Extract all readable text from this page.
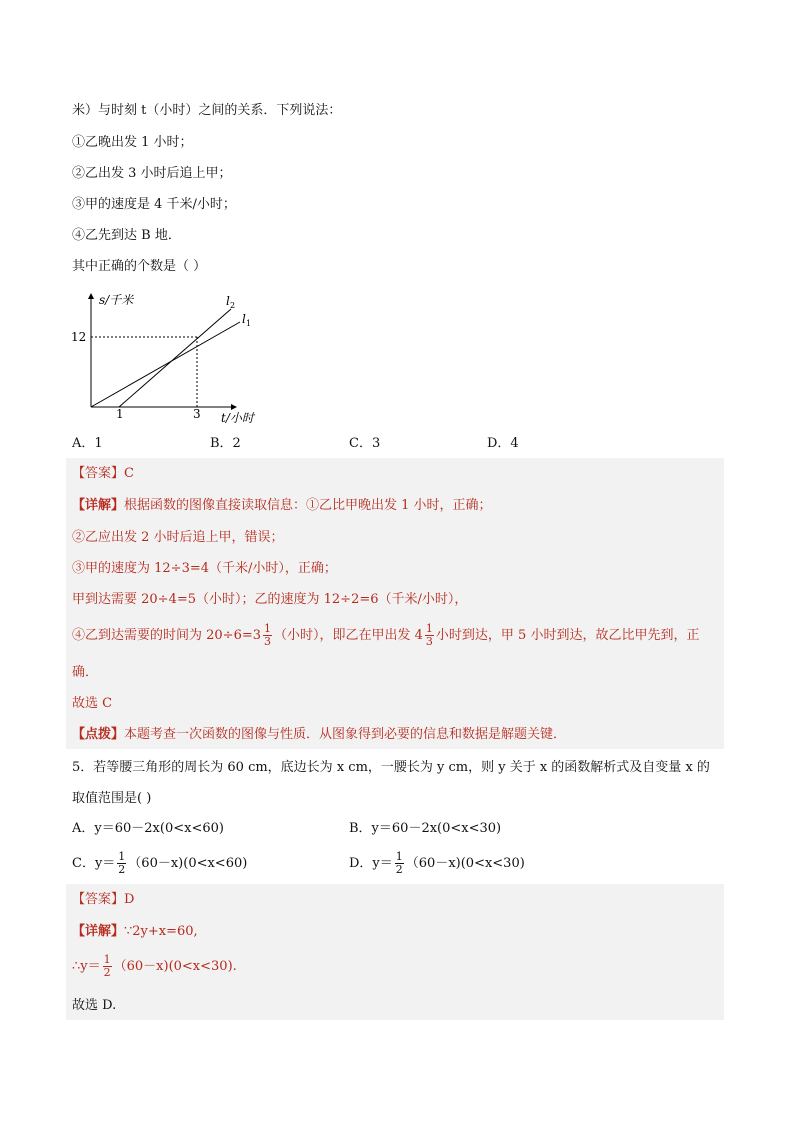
米）与时刻 t（小时）之间的关系．下列说法：
①乙晚出发 1 小时；
②乙出发 3 小时后追上甲；
③甲的速度是 4 千米/小时；
④乙先到达 B 地．
其中正确的个数是（ ）
s/千米
t/小时
12
1	3
l 2
l 1
A．1	B．2	C．3	D．4
【答案】C
【详解】根据函数的图像直接读取信息：①乙比甲晚出发 1 小时，正确；
②乙应出发 2 小时后追上甲，错误；
③甲的速度为 12÷3=4（千米/小时），正确；
甲到达需要 20÷4=5（小时）；乙的速度为 12÷2=6（千米/小时），
④乙到达需要的时间为 $20\div 6=3 \frac{1}{3}$ （小时），即乙在甲出发 $4 \frac{1}{3}$ 小时到达，甲 5 小时到达，故乙比甲先到，正
确．
故选 C
【点拨】本题考查一次函数的图像与性质．从图象得到必要的信息和数据是解题关键．
5．若等腰三角形的周长为 60 cm，底边长为 x cm，一腰长为 y cm，则 y 关于 x 的函数解析式及自变量 x 的
取值范围是( )
A．y＝60－2x(0<x<60)	B．y＝60－2x(0<x<30)
C．$y= \frac{1}{2} (60-x)(0<x<60)$	D．$y= \frac{1}{2} (60-x)(0<x<30)$
【答案】D
【详解】∵2y+x=60,
∴y＝ $\frac{1}{2} (60-x)(0<x<30)$.
故选 D.
